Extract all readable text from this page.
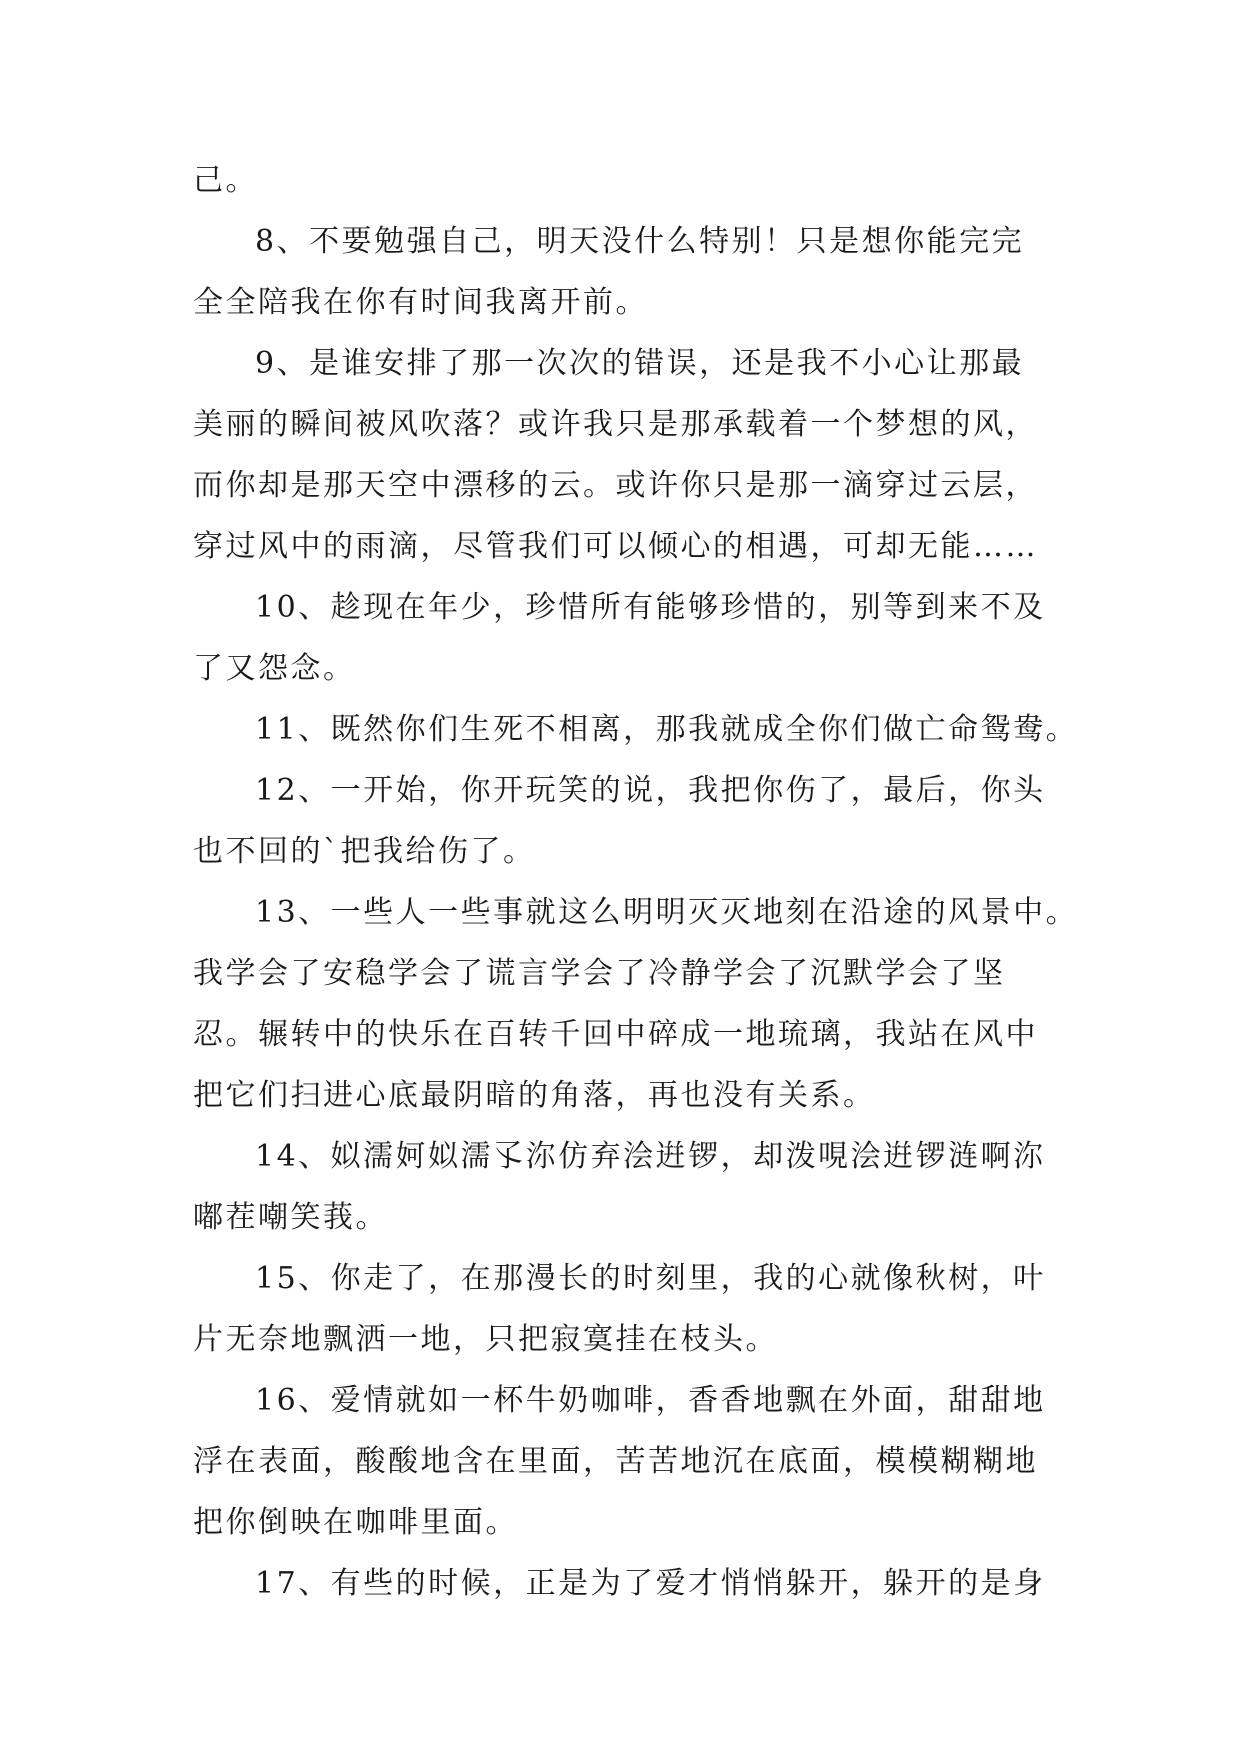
己。
8、不要勉强自己，明天没什么特别！只是想你能完完
全全陪我在你有时间我离开前。
9、是谁安排了那一次次的错误，还是我不小心让那最
美丽的瞬间被风吹落？或许我只是那承载着一个梦想的风，
而你却是那天空中漂移的云。或许你只是那一滴穿过云层，
穿过风中的雨滴，尽管我们可以倾心的相遇，可却无能……
10、趁现在年少，珍惜所有能够珍惜的，别等到来不及
了又怨念。
11、既然你们生死不相离，那我就成全你们做亡命鸳鸯。
12、一开始，你开玩笑的说，我把你伤了，最后，你头
也不回的`把我给伤了。
13、一些人一些事就这么明明灭灭地刻在沿途的风景中。
我学会了安稳学会了谎言学会了冷静学会了沉默学会了坚
忍。辗转中的快乐在百转千回中碎成一地琉璃，我站在风中
把它们扫进心底最阴暗的角落，再也没有关系。
14、姒濡妸姒濡孓沵仿弃浍逬锣，却泼哯浍逬锣涟啊沵
嘟茬嘲笑莪。
15、你走了，在那漫长的时刻里，我的心就像秋树，叶
片无奈地飘洒一地，只把寂寞挂在枝头。
16、爱情就如一杯牛奶咖啡，香香地飘在外面，甜甜地
浮在表面，酸酸地含在里面，苦苦地沉在底面，模模糊糊地
把你倒映在咖啡里面。
17、有些的时候，正是为了爱才悄悄躲开，躲开的是身
